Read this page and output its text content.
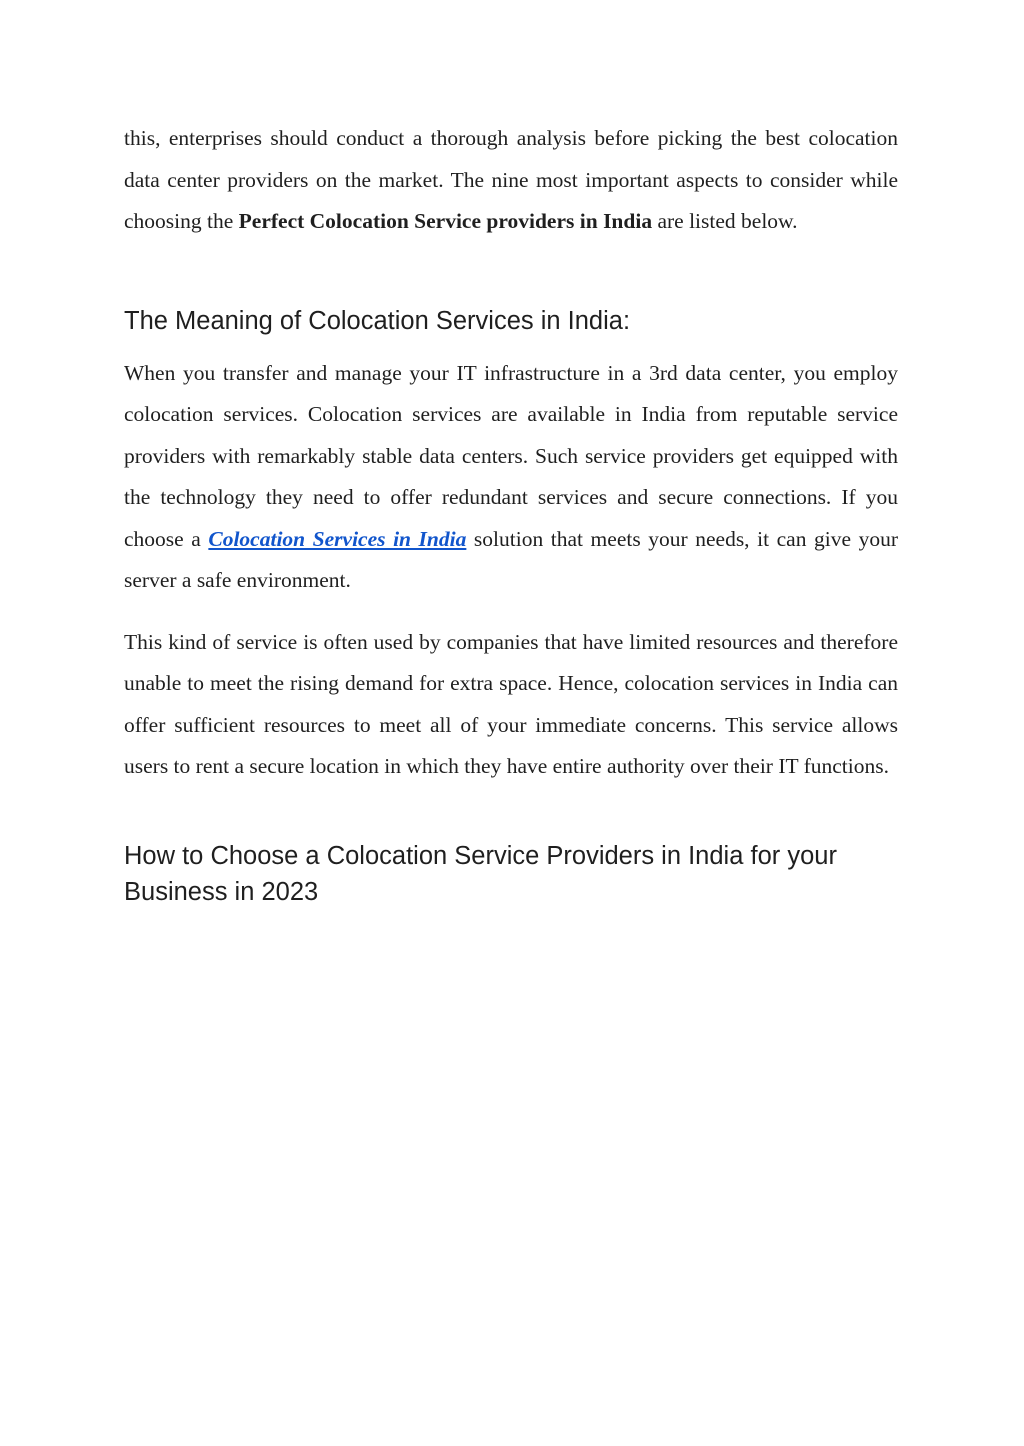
this, enterprises should conduct a thorough analysis before picking the best colocation data center providers on the market. The nine most important aspects to consider while choosing the Perfect Colocation Service providers in India are listed below.

The Meaning of Colocation Services in India:

When you transfer and manage your IT infrastructure in a 3rd data center, you employ colocation services. Colocation services are available in India from reputable service providers with remarkably stable data centers. Such service providers get equipped with the technology they need to offer redundant services and secure connections. If you choose a Colocation Services in India solution that meets your needs, it can give your server a safe environment.

This kind of service is often used by companies that have limited resources and therefore unable to meet the rising demand for extra space. Hence, colocation services in India can offer sufficient resources to meet all of your immediate concerns. This service allows users to rent a secure location in which they have entire authority over their IT functions.

How to Choose a Colocation Service Providers in India for your Business in 2023
